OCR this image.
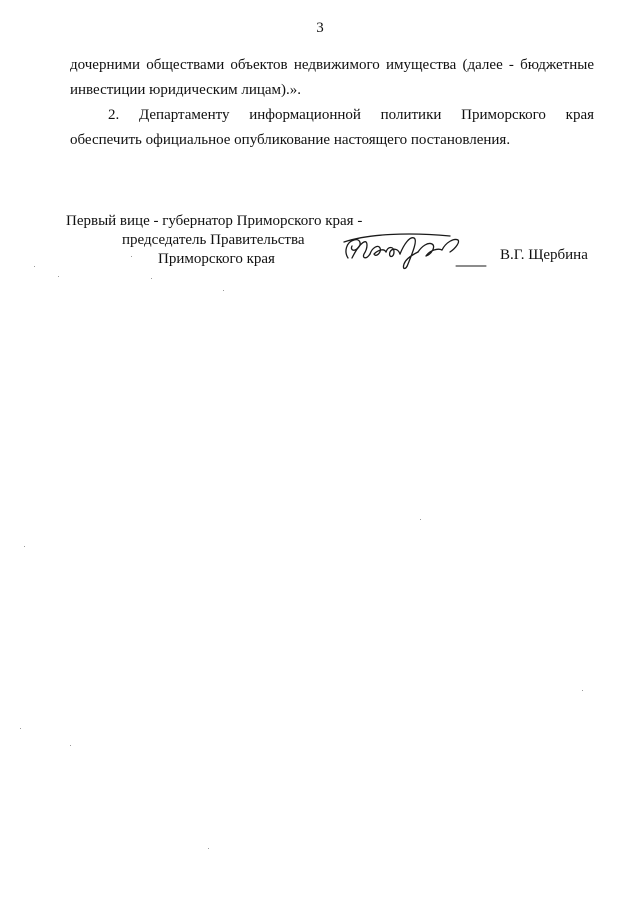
3
дочерними обществами объектов недвижимого имущества (далее - бюджетные
инвестиции юридическим лицам).».
2. Департаменту информационной политики Приморского края
обеспечить официальное опубликование настоящего постановления.
Первый вице - губернатор Приморского края -
председатель Правительства
Приморского края	В.Г. Щербина
